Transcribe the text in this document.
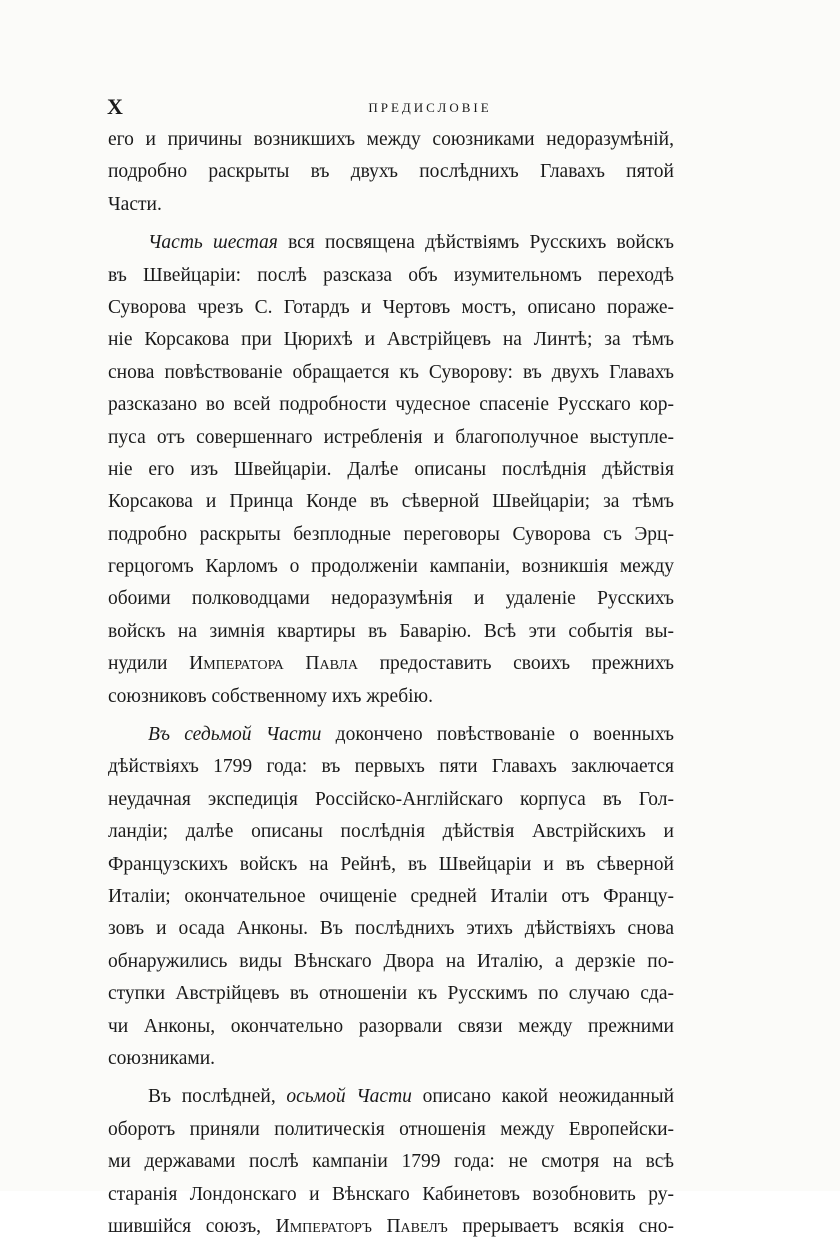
X	ПРЕДИСЛОВІЕ
его и причины возникшихъ между союзниками недоразумѣній,
подробно раскрыты въ двухъ послѣднихъ Главахъ пятой
Части.
Часть шестая вся посвящена дѣйствіямъ Русскихъ войскъ
въ Швейцаріи: послѣ разсказа объ изумительномъ переходѣ
Суворова чрезъ С. Готардъ и Чертовъ мостъ, описано пораже-
ніе Корсакова при Цюрихѣ и Австрійцевъ на Линтѣ; за тѣмъ
снова повѣствованіе обращается къ Суворову: въ двухъ Главахъ
разсказано во всей подробности чудесное спасеніе Русскаго кор-
пуса отъ совершеннаго истребленія и благополучное выступле-
ніе его изъ Швейцаріи. Далѣе описаны послѣднія дѣйствія
Корсакова и Принца Конде въ сѣверной Швейцаріи; за тѣмъ
подробно раскрыты безплодные переговоры Суворова съ Эрц-
герцогомъ Карломъ о продолженіи кампаніи, возникшія между
обоими полководцами недоразумѣнія и удаленіе Русскихъ
войскъ на зимнія квартиры въ Баварію. Всѣ эти событія вы-
нудили Императора Павла предоставить своихъ прежнихъ
союзниковъ собственному ихъ жребію.
Въ седьмой Части докончено повѣствованіе о военныхъ
дѣйствіяхъ 1799 года: въ первыхъ пяти Главахъ заключается
неудачная экспедиція Россійско-Англійскаго корпуса въ Гол-
ландіи; далѣе описаны послѣднія дѣйствія Австрійскихъ и
Французскихъ войскъ на Рейнѣ, въ Швейцаріи и въ сѣверной
Италіи; окончательное очищеніе средней Италіи отъ Францу-
зовъ и осада Анконы. Въ послѣднихъ этихъ дѣйствіяхъ снова
обнаружились виды Вѣнскаго Двора на Италію, а дерзкіе по-
ступки Австрійцевъ въ отношеніи къ Русскимъ по случаю сда-
чи Анконы, окончательно разорвали связи между прежними
союзниками.
Въ послѣдней, осьмой Части описано какой неожиданный
оборотъ приняли политическія отношенія между Европейски-
ми державами послѣ кампаніи 1799 года: не смотря на всѣ
старанія Лондонскаго и Вѣнскаго Кабинетовъ возобновить ру-
шившійся союзъ, Императоръ Павелъ прерываетъ всякія сно-
